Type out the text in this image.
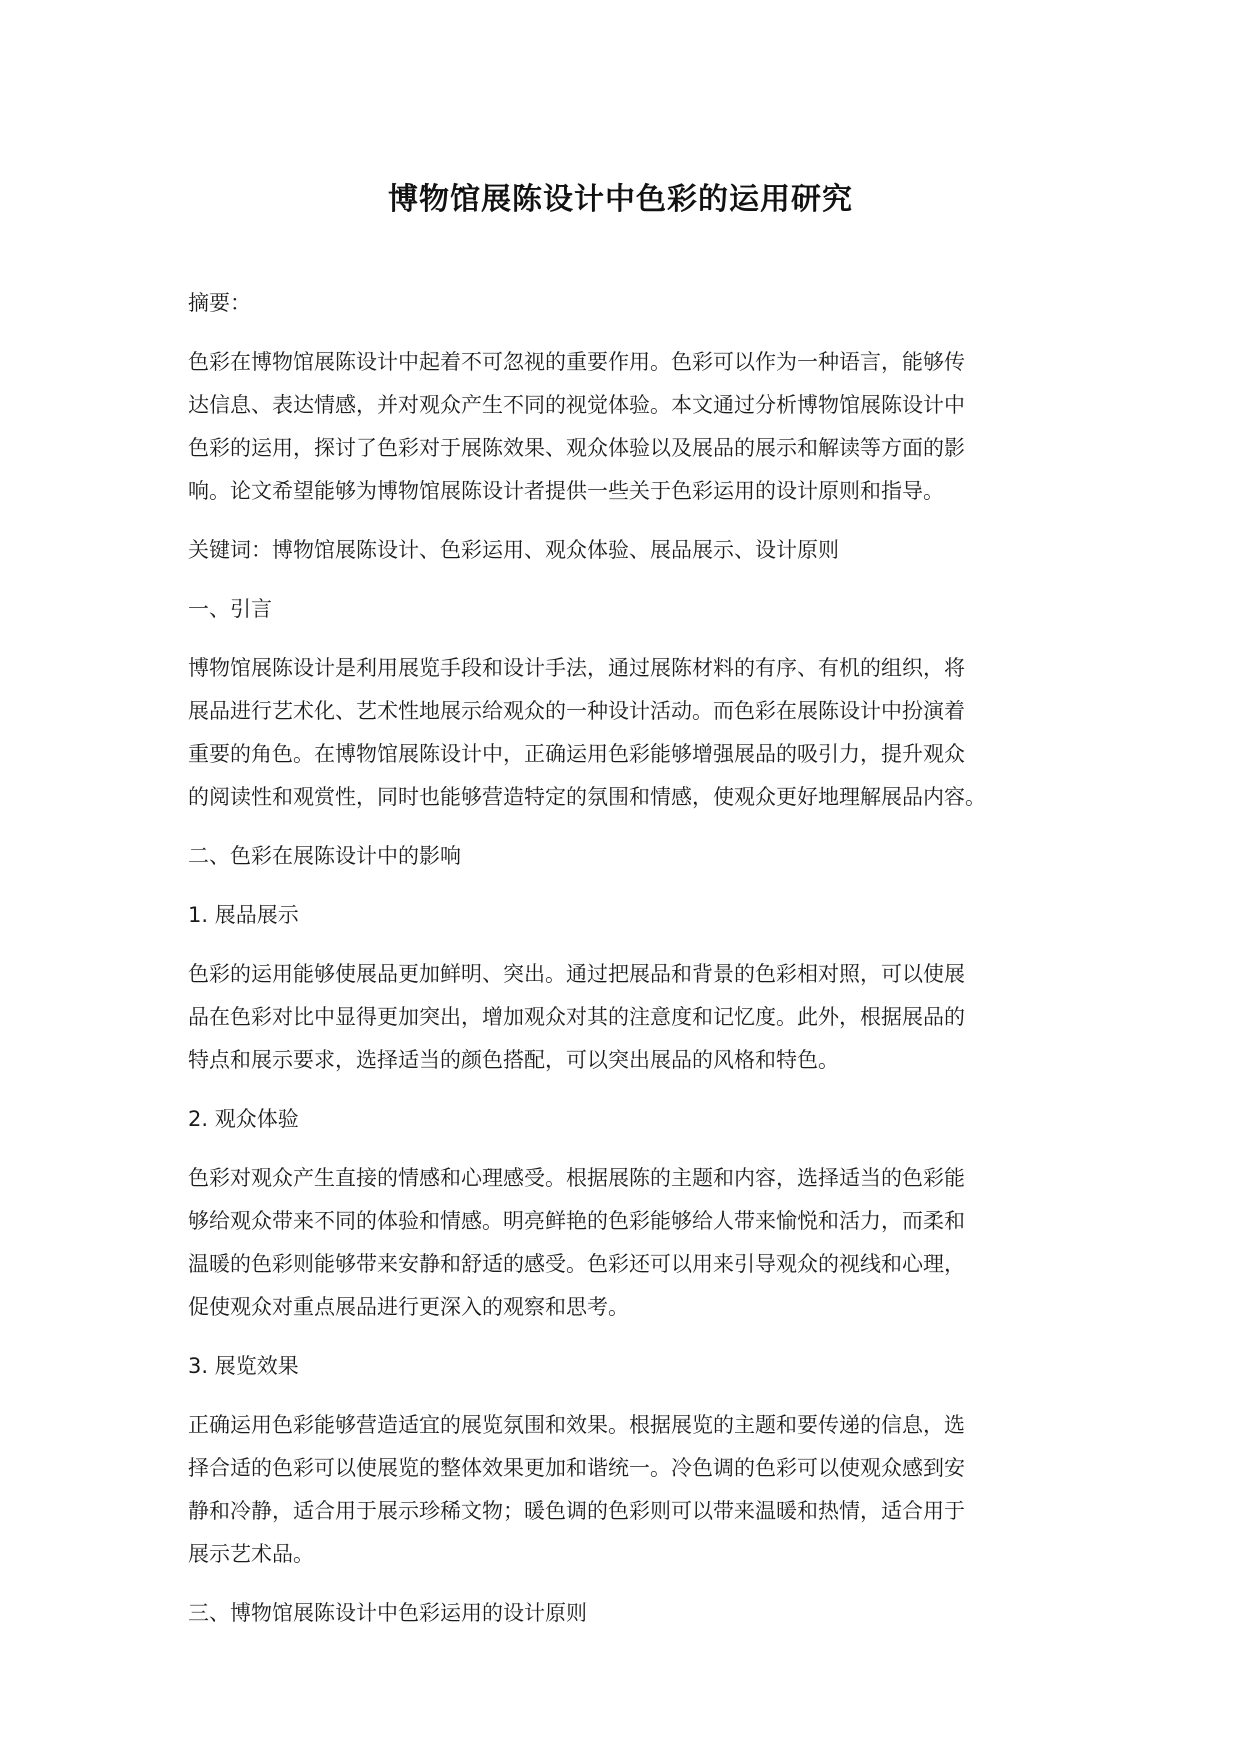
博物馆展陈设计中色彩的运用研究

摘要：

色彩在博物馆展陈设计中起着不可忽视的重要作用。色彩可以作为一种语言，能够传
达信息、表达情感，并对观众产生不同的视觉体验。本文通过分析博物馆展陈设计中
色彩的运用，探讨了色彩对于展陈效果、观众体验以及展品的展示和解读等方面的影
响。论文希望能够为博物馆展陈设计者提供一些关于色彩运用的设计原则和指导。

关键词：博物馆展陈设计、色彩运用、观众体验、展品展示、设计原则

一、引言

博物馆展陈设计是利用展览手段和设计手法，通过展陈材料的有序、有机的组织，将
展品进行艺术化、艺术性地展示给观众的一种设计活动。而色彩在展陈设计中扮演着
重要的角色。在博物馆展陈设计中，正确运用色彩能够增强展品的吸引力，提升观众
的阅读性和观赏性，同时也能够营造特定的氛围和情感，使观众更好地理解展品内容。

二、色彩在展陈设计中的影响

1. 展品展示

色彩的运用能够使展品更加鲜明、突出。通过把展品和背景的色彩相对照，可以使展
品在色彩对比中显得更加突出，增加观众对其的注意度和记忆度。此外，根据展品的
特点和展示要求，选择适当的颜色搭配，可以突出展品的风格和特色。

2. 观众体验

色彩对观众产生直接的情感和心理感受。根据展陈的主题和内容，选择适当的色彩能
够给观众带来不同的体验和情感。明亮鲜艳的色彩能够给人带来愉悦和活力，而柔和
温暖的色彩则能够带来安静和舒适的感受。色彩还可以用来引导观众的视线和心理，
促使观众对重点展品进行更深入的观察和思考。

3. 展览效果

正确运用色彩能够营造适宜的展览氛围和效果。根据展览的主题和要传递的信息，选
择合适的色彩可以使展览的整体效果更加和谐统一。冷色调的色彩可以使观众感到安
静和冷静，适合用于展示珍稀文物；暖色调的色彩则可以带来温暖和热情，适合用于
展示艺术品。

三、博物馆展陈设计中色彩运用的设计原则
